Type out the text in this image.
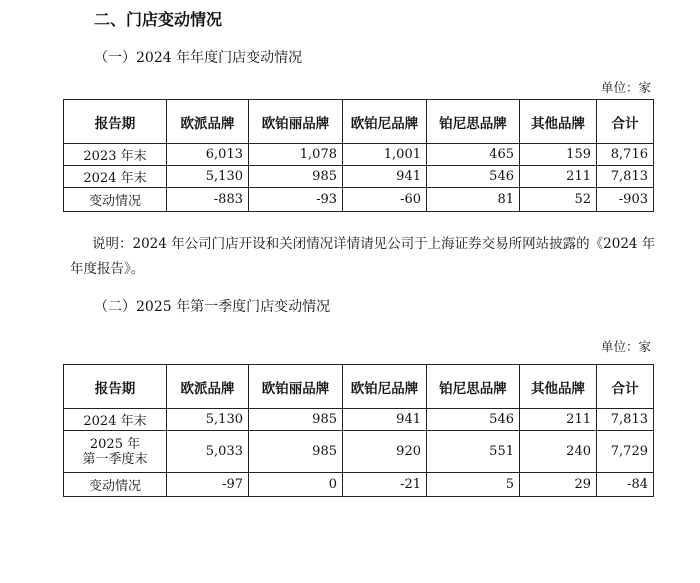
二、门店变动情况
（一）2024 年年度门店变动情况
单位：家
报告期	欧派品牌	欧铂丽品牌	欧铂尼品牌	铂尼思品牌	其他品牌	合计
2023 年末	6,013	1,078	1,001	465	159	8,716
2024 年末	5,130	985	941	546	211	7,813
变动情况	-883	-93	-60	81	52	-903
说明：2024 年公司门店开设和关闭情况详情请见公司于上海证券交易所网站披露的《2024 年年度报告》。
（二）2025 年第一季度门店变动情况
单位：家
报告期	欧派品牌	欧铂丽品牌	欧铂尼品牌	铂尼思品牌	其他品牌	合计
2024 年末	5,130	985	941	546	211	7,813

2025 年
第一季度末	5,033	985	920	551	240	7,729
变动情况	-97	0	-21	5	29	-84
